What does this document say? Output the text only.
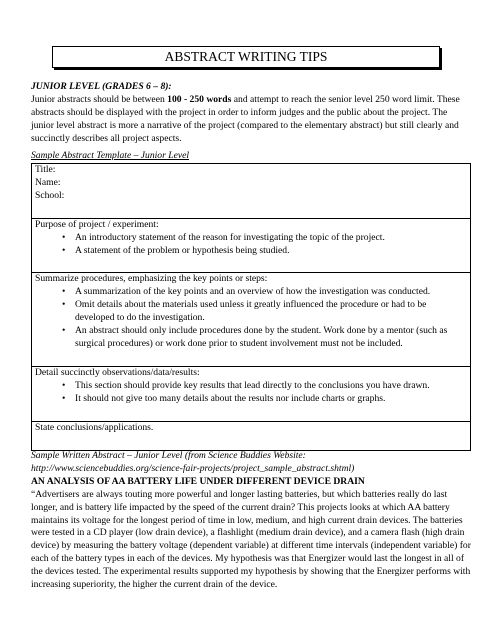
ABSTRACT WRITING TIPS
JUNIOR LEVEL (GRADES 6 – 8):
Junior abstracts should be between 100 - 250 words and attempt to reach the senior level 250 word limit. These abstracts should be displayed with the project in order to inform judges and the public about the project. The junior level abstract is more a narrative of the project (compared to the elementary abstract) but still clearly and succinctly describes all project aspects.
Sample Abstract Template – Junior Level
Title:
Name:
School:
Purpose of project / experiment:
• An introductory statement of the reason for investigating the topic of the project.
• A statement of the problem or hypothesis being studied.
Summarize procedures, emphasizing the key points or steps:
• A summarization of the key points and an overview of how the investigation was conducted.
• Omit details about the materials used unless it greatly influenced the procedure or had to be developed to do the investigation.
• An abstract should only include procedures done by the student. Work done by a mentor (such as surgical procedures) or work done prior to student involvement must not be included.
Detail succinctly observations/data/results:
• This section should provide key results that lead directly to the conclusions you have drawn.
• It should not give too many details about the results nor include charts or graphs.
State conclusions/applications.
Sample Written Abstract – Junior Level (from Science Buddies Website:
http://www.sciencebuddies.org/science-fair-projects/project_sample_abstract.shtml)
AN ANALYSIS OF AA BATTERY LIFE UNDER DIFFERENT DEVICE DRAIN
“Advertisers are always touting more powerful and longer lasting batteries, but which batteries really do last longer, and is battery life impacted by the speed of the current drain? This projects looks at which AA battery maintains its voltage for the longest period of time in low, medium, and high current drain devices. The batteries were tested in a CD player (low drain device), a flashlight (medium drain device), and a camera flash (high drain device) by measuring the battery voltage (dependent variable) at different time intervals (independent variable) for each of the battery types in each of the devices. My hypothesis was that Energizer would last the longest in all of the devices tested. The experimental results supported my hypothesis by showing that the Energizer performs with increasing superiority, the higher the current drain of the device.
